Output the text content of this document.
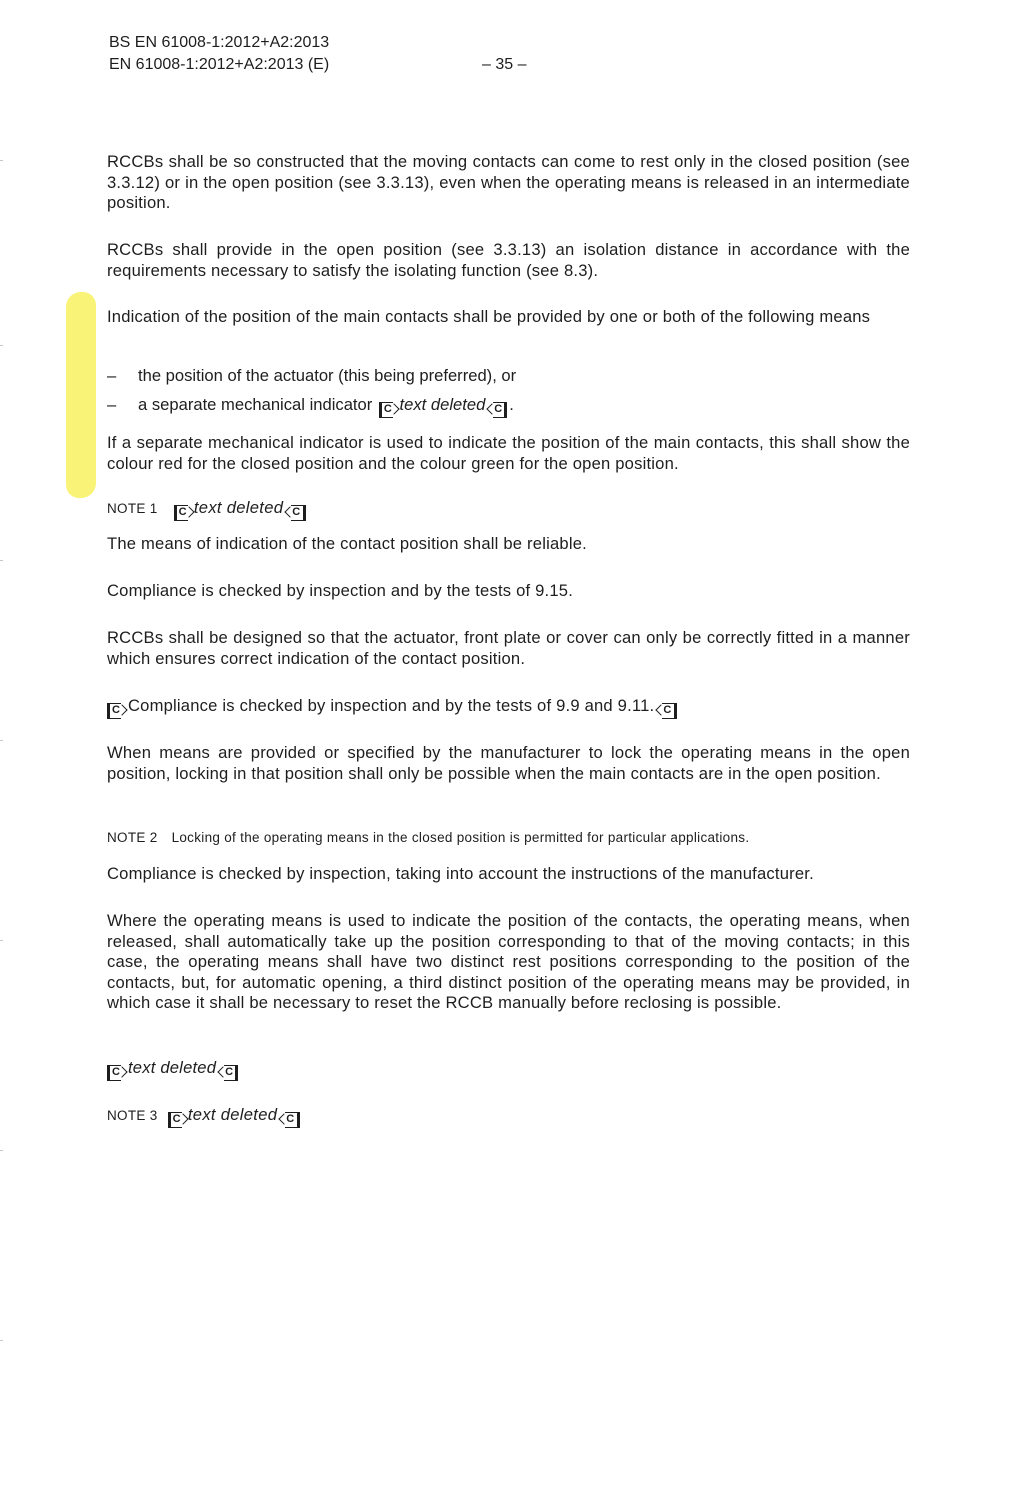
BS EN 61008-1:2012+A2:2013
EN 61008-1:2012+A2:2013 (E)	– 35 –
RCCBs shall be so constructed that the moving contacts can come to rest only in the closed position (see 3.3.12) or in the open position (see 3.3.13), even when the operating means is released in an intermediate position.
RCCBs shall provide in the open position (see 3.3.13) an isolation distance in accordance with the requirements necessary to satisfy the isolating function (see 8.3).
Indication of the position of the main contacts shall be provided by one or both of the following means
– the position of the actuator (this being preferred), or
– a separate mechanical indicator C text deleted C .
If a separate mechanical indicator is used to indicate the position of the main contacts, this shall show the colour red for the closed position and the colour green for the open position.
NOTE 1 C text deleted C
The means of indication of the contact position shall be reliable.
Compliance is checked by inspection and by the tests of 9.15.
RCCBs shall be designed so that the actuator, front plate or cover can only be correctly fitted in a manner which ensures correct indication of the contact position.
C Compliance is checked by inspection and by the tests of 9.9 and 9.11. C
When means are provided or specified by the manufacturer to lock the operating means in the open position, locking in that position shall only be possible when the main contacts are in the open position.
NOTE 2 Locking of the operating means in the closed position is permitted for particular applications.
Compliance is checked by inspection, taking into account the instructions of the manufacturer.
Where the operating means is used to indicate the position of the contacts, the operating means, when released, shall automatically take up the position corresponding to that of the moving contacts; in this case, the operating means shall have two distinct rest positions corresponding to the position of the contacts, but, for automatic opening, a third distinct position of the operating means may be provided, in which case it shall be necessary to reset the RCCB manually before reclosing is possible.
C text deleted C
NOTE 3 C text deleted C
